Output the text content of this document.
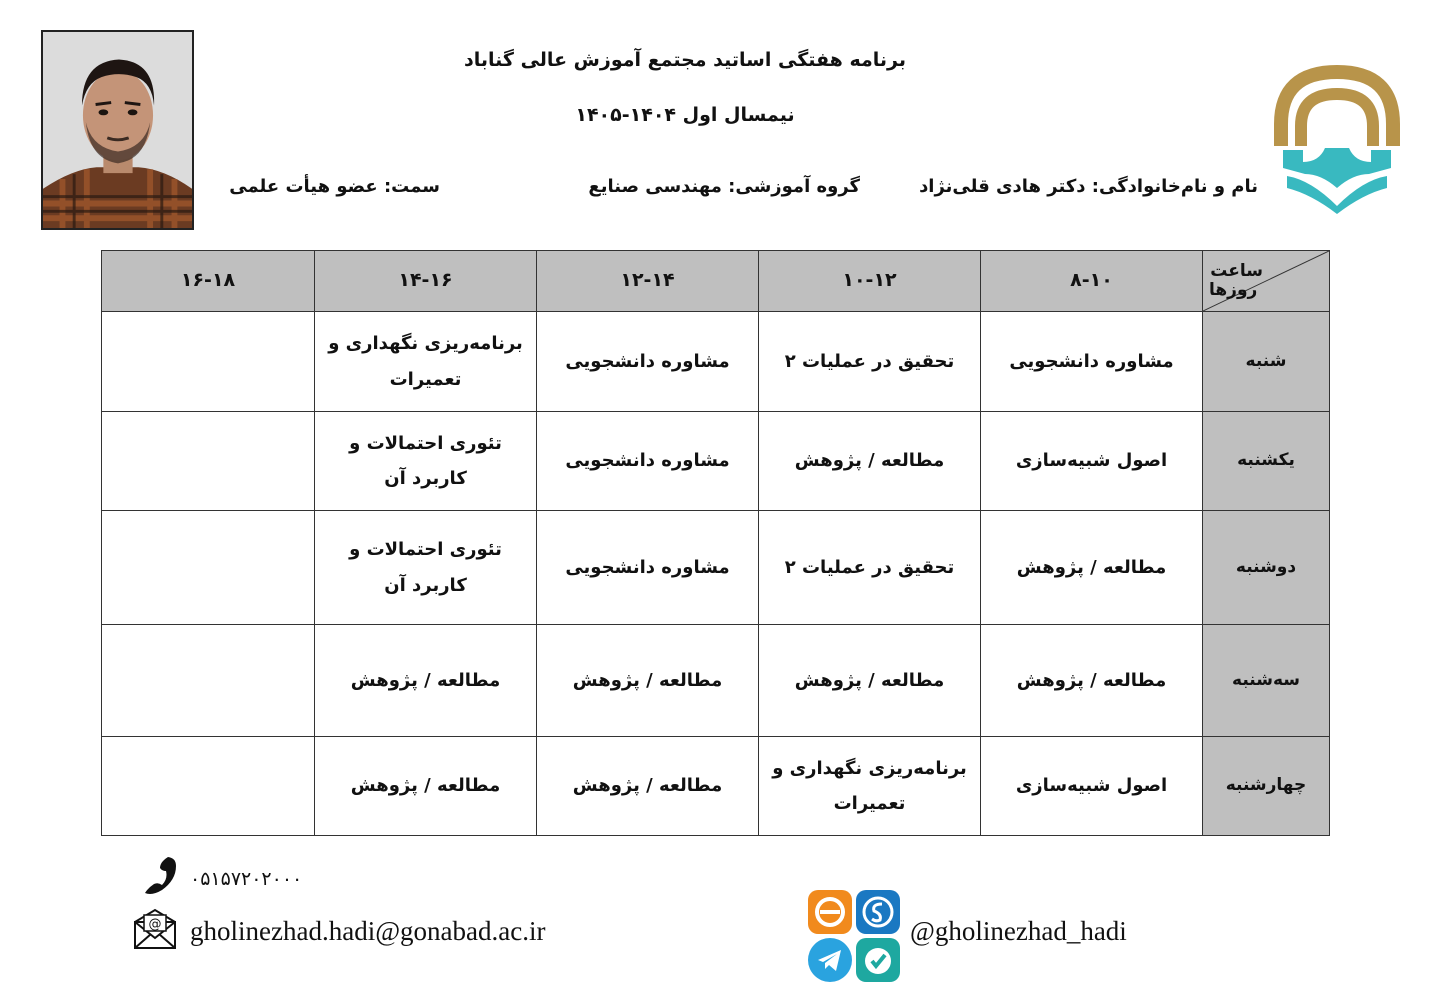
برنامه هفتگی اساتید مجتمع آموزش عالی گناباد
نیمسال اول ۱۴۰۴-۱۴۰۵
نام و نام‌خانوادگی: دکتر هادی قلی‌نژاد
گروه آموزشی: مهندسی صنایع
سمت: عضو هیأت علمی
ساعت
روزها	۸-۱۰	۱۰-۱۲	۱۲-۱۴	۱۴-۱۶	۱۶-۱۸
شنبه	مشاوره دانشجویی	تحقیق در عملیات ۲	مشاوره دانشجویی	برنامه‌ریزی نگهداری و تعمیرات	
یکشنبه	اصول شبیه‌سازی	مطالعه / پژوهش	مشاوره دانشجویی	تئوری احتمالات و کاربرد آن	
دوشنبه	مطالعه / پژوهش	تحقیق در عملیات ۲	مشاوره دانشجویی	تئوری احتمالات و کاربرد آن	
سه‌شنبه	مطالعه / پژوهش	مطالعه / پژوهش	مطالعه / پژوهش	مطالعه / پژوهش	
چهارشنبه	اصول شبیه‌سازی	برنامه‌ریزی نگهداری و تعمیرات	مطالعه / پژوهش	مطالعه / پژوهش	
۰۵۱۵۷۲۰۲۰۰۰
@ gholinezhad.hadi@gonabad.ac.ir	@gholinezhad_hadi
